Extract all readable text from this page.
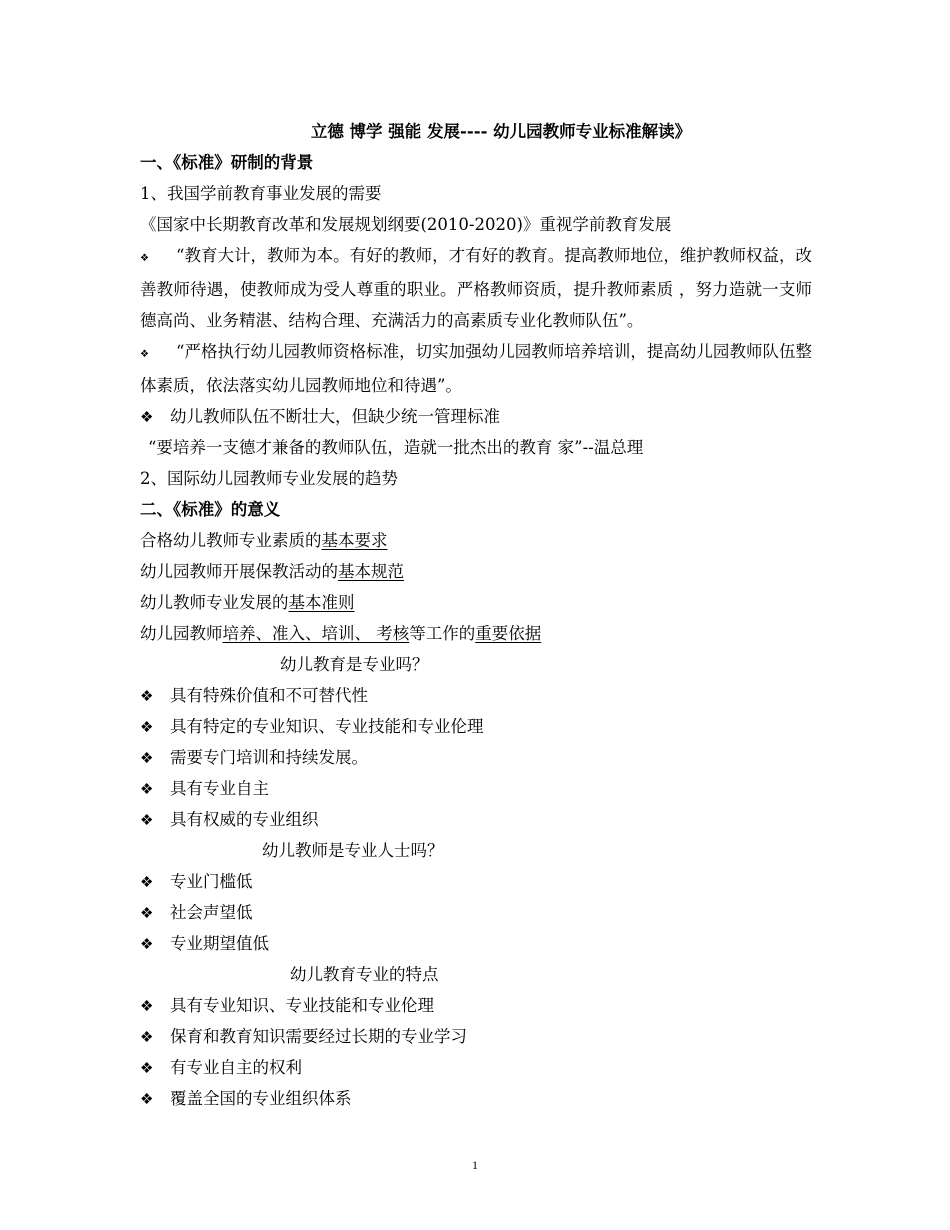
立德 博学 强能 发展---- 幼儿园教师专业标准解读》
一、《标准》研制的背景
1、我国学前教育事业发展的需要
《国家中长期教育改革和发展规划纲要(2010-2020)》重视学前教育发展
❖ “教育大计，教师为本。有好的教师，才有好的教育。提高教师地位，维护教师权益，改善教师待遇，使教师成为受人尊重的职业。严格教师资质，提升教师素质 ，努力造就一支师德高尚、业务精湛、结构合理、充满活力的高素质专业化教师队伍”。
❖ “严格执行幼儿园教师资格标准，切实加强幼儿园教师培养培训，提高幼儿园教师队伍整体素质，依法落实幼儿园教师地位和待遇”。
❖ 幼儿教师队伍不断壮大，但缺少统一管理标准
“要培养一支德才兼备的教师队伍，造就一批杰出的教育 家”--温总理
2、国际幼儿园教师专业发展的趋势
二、《标准》的意义
合格幼儿教师专业素质的基本要求
幼儿园教师开展保教活动的基本规范
幼儿教师专业发展的基本准则
幼儿园教师培养、准入、培训、 考核等工作的重要依据
幼儿教育是专业吗？
❖ 具有特殊价值和不可替代性
❖ 具有特定的专业知识、专业技能和专业伦理
❖ 需要专门培训和持续发展。
❖ 具有专业自主
❖ 具有权威的专业组织
幼儿教师是专业人士吗？
❖ 专业门槛低
❖ 社会声望低
❖ 专业期望值低
幼儿教育专业的特点
❖ 具有专业知识、专业技能和专业伦理
❖ 保育和教育知识需要经过长期的专业学习
❖ 有专业自主的权利
❖ 覆盖全国的专业组织体系
1
